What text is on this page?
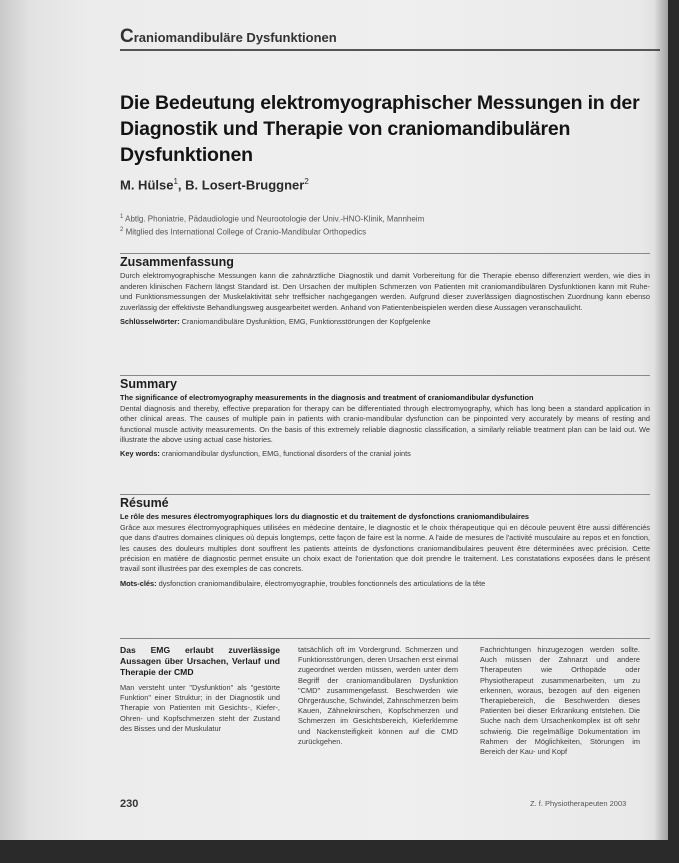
Craniomandibuläre Dysfunktionen
Die Bedeutung elektromyographischer Messungen in der Diagnostik und Therapie von craniomandibulären Dysfunktionen
M. Hülse$^1$, B. Losert-Bruggner$^2$
$^1$ Abtlg. Phoniatrie, Pädaudiologie und Neurootologie der Univ.-HNO-Klinik, Mannheim
$^2$ Mitglied des International College of Cranio-Mandibular Orthopedics
Zusammenfassung

Durch elektromyographische Messungen kann die zahnärztliche Diagnostik und damit Vorbereitung für die Therapie ebenso differenziert werden, wie dies in anderen klinischen Fächern längst Standard ist. Den Ursachen der multiplen Schmerzen von Patienten mit craniomandibulären Dysfunktionen kann mit Ruhe- und Funktionsmessungen der Muskelaktivität sehr treffsicher nachgegangen werden. Aufgrund dieser zuverlässigen diagnostischen Zuordnung kann ebenso zuverlässig der effektivste Behandlungsweg ausgearbeitet werden. Anhand von Patientenbeispielen werden diese Aussagen veranschaulicht.

Schlüsselwörter: Craniomandibuläre Dysfunktion, EMG, Funktionsstörungen der Kopfgelenke

Summary

The significance of electromyography measurements in the diagnosis and treatment of craniomandibular dysfunction

Dental diagnosis and thereby, effective preparation for therapy can be differentiated through electromyography, which has long been a standard application in other clinical areas. The causes of multiple pain in patients with cranio-mandibular dysfunction can be pinpointed very accurately by means of resting and functional muscle activity measurements. On the basis of this extremely reliable diagnostic classification, a similarly reliable treatment plan can be laid out. We illustrate the above using actual case histories.

Key words: craniomandibular dysfunction, EMG, functional disorders of the cranial joints

Résumé

Le rôle des mesures électromyographiques lors du diagnostic et du traitement de dysfonctions craniomandibulaires

Grâce aux mesures électromyographiques utilisées en médecine dentaire, le diagnostic et le choix thérapeutique qui en découle peuvent être aussi différenciés que dans d'autres domaines cliniques où depuis longtemps, cette façon de faire est la norme. A l'aide de mesures de l'activité musculaire au repos et en fonction, les causes des douleurs multiples dont souffrent les patients atteints de dysfonctions craniomandibulaires peuvent être déterminées avec précision. Cette précision en matière de diagnostic permet ensuite un choix exact de l'orientation que doit prendre le traitement. Les constatations exposées dans le présent travail sont illustrées par des exemples de cas concrets.

Mots-clés: dysfonction craniomandibulaire, électromyographie, troubles fonctionnels des articulations de la tête

Das EMG erlaubt zuverlässige Aussagen über Ursachen, Verlauf und Therapie der CMD

Man versteht unter "Dysfunktion" als "gestörte Funktion" einer Struktur; in der Diagnostik und Therapie von Patienten mit Gesichts-, Kiefer-, Ohren- und Kopfschmerzen steht der Zustand des Bisses und der Muskulatur

tatsächlich oft im Vordergrund. Schmerzen und Funktionsstörungen, deren Ursachen erst einmal zugeordnet werden müssen, werden unter dem Begriff der craniomandibulären Dysfunktion "CMD" zusammengefasst. Beschwerden wie Ohrgeräusche, Schwindel, Zahnschmerzen beim Kauen, Zähneknirschen, Kopfschmerzen und Schmerzen im Gesichtsbereich, Kieferklemme und Nackensteifigkeit können auf die CMD zurückgehen.

Fachrichtungen hinzugezogen werden sollte. Auch müssen der Zahnarzt und andere Therapeuten wie Orthopäde oder Physiotherapeut zusammenarbeiten, um zu erkennen, woraus, bezogen auf den eigenen Therapiebereich, die Beschwerden dieses Patienten bei dieser Erkrankung entstehen. Die Suche nach dem Ursachenkomplex ist oft sehr schwierig. Die regelmäßige Dokumentation im Rahmen der Möglichkeiten, Störungen im Bereich der Kau- und Kopf

230	Z. f. Physiotherapeuten 2003
